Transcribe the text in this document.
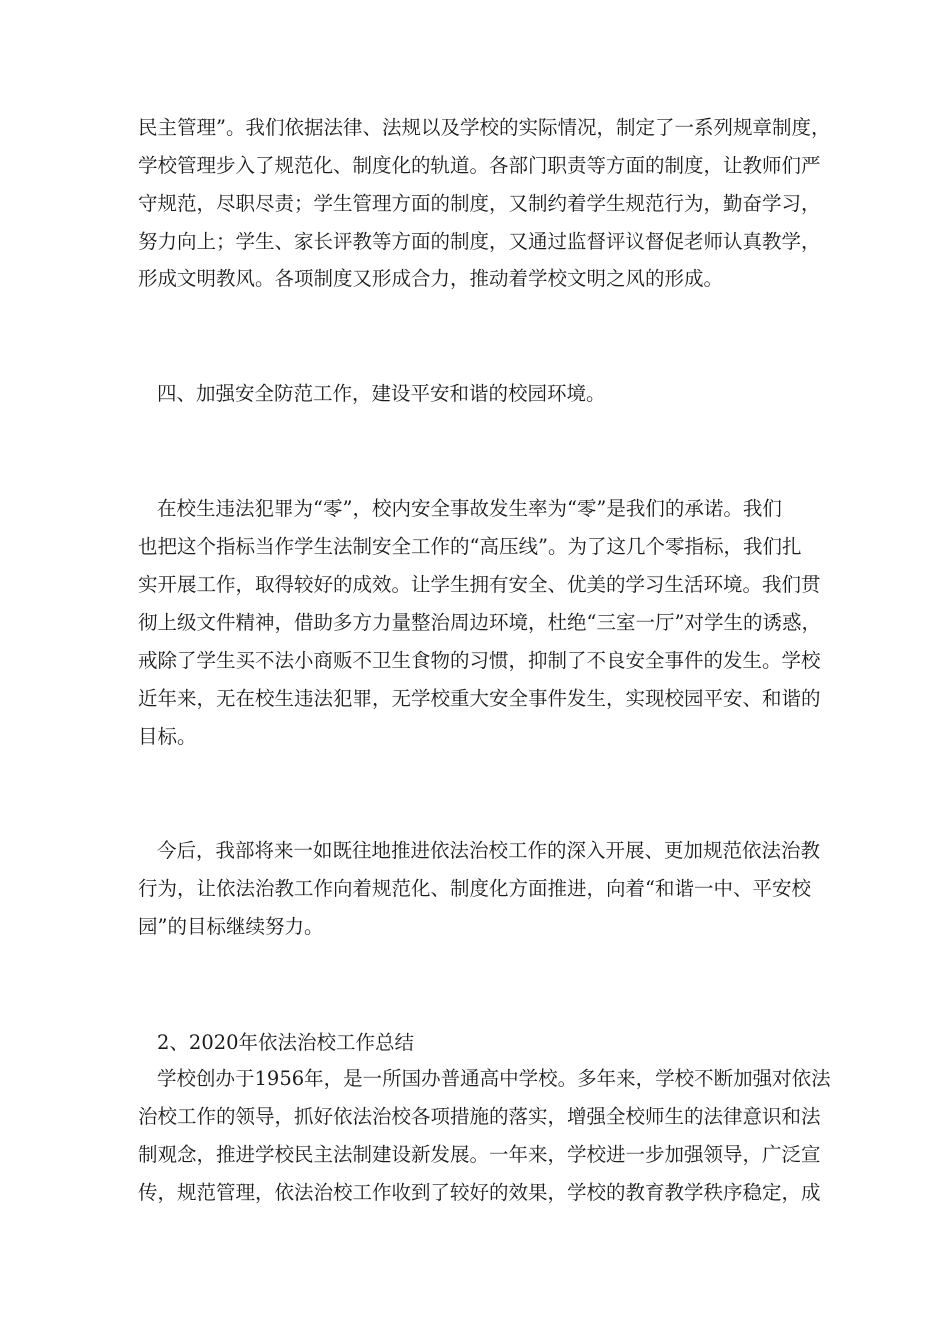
民主管理”。我们依据法律、法规以及学校的实际情况，制定了一系列规章制度，
学校管理步入了规范化、制度化的轨道。各部门职责等方面的制度，让教师们严
守规范，尽职尽责；学生管理方面的制度，又制约着学生规范行为，勤奋学习，
努力向上；学生、家长评教等方面的制度，又通过监督评议督促老师认真教学，
形成文明教风。各项制度又形成合力，推动着学校文明之风的形成。
四、加强安全防范工作，建设平安和谐的校园环境。
在校生违法犯罪为“零”，校内安全事故发生率为“零”是我们的承诺。我们
也把这个指标当作学生法制安全工作的“高压线”。为了这几个零指标，我们扎
实开展工作，取得较好的成效。让学生拥有安全、优美的学习生活环境。我们贯
彻上级文件精神，借助多方力量整治周边环境，杜绝“三室一厅”对学生的诱惑，
戒除了学生买不法小商贩不卫生食物的习惯，抑制了不良安全事件的发生。学校
近年来，无在校生违法犯罪，无学校重大安全事件发生，实现校园平安、和谐的
目标。
今后，我部将来一如既往地推进依法治校工作的深入开展、更加规范依法治教
行为，让依法治教工作向着规范化、制度化方面推进，向着“和谐一中、平安校
园”的目标继续努力。
2、2020年依法治校工作总结
学校创办于1956年，是一所国办普通高中学校。多年来，学校不断加强对依法
治校工作的领导，抓好依法治校各项措施的落实，增强全校师生的法律意识和法
制观念，推进学校民主法制建设新发展。一年来，学校进一步加强领导，广泛宣
传，规范管理，依法治校工作收到了较好的效果，学校的教育教学秩序稳定，成
